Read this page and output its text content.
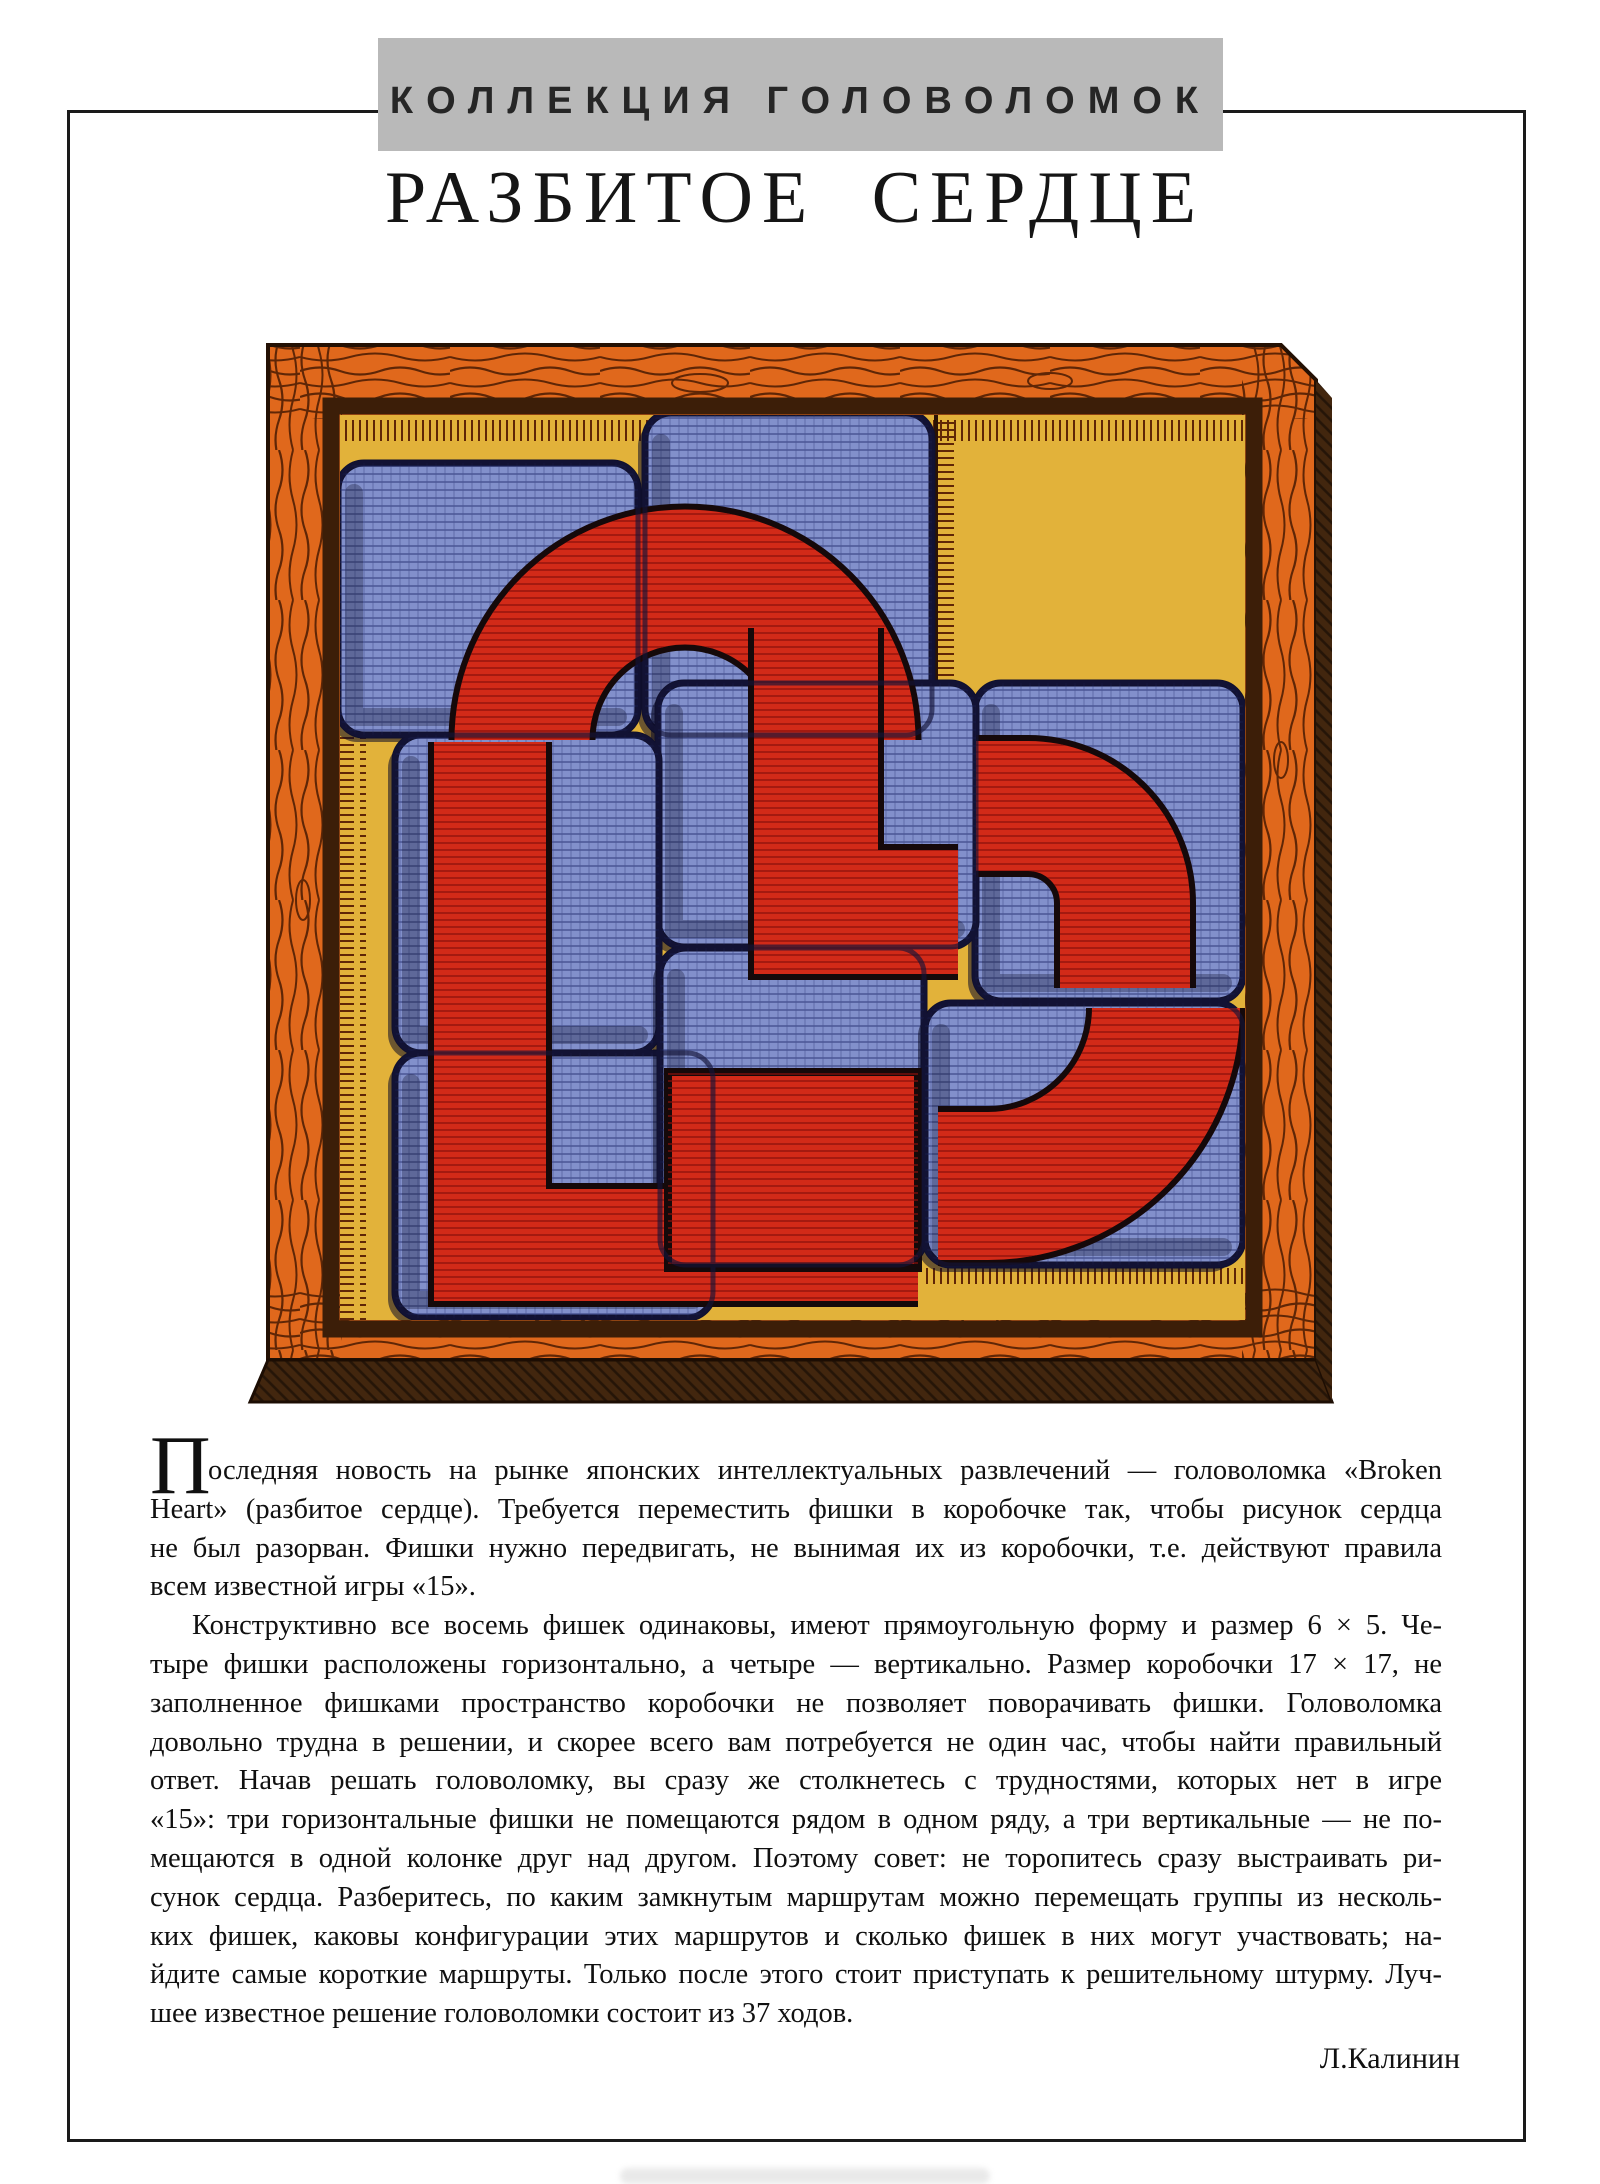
КОЛЛЕКЦИЯ ГОЛОВОЛОМОК
РАЗБИТОЕ СЕРДЦЕ
П
оследняя новость на рынке японских интеллектуальных развлечений — головоломка «Broken
Heart» (разбитое сердце). Требуется переместить фишки в коробочке так, чтобы рисунок сердца
не был разорван. Фишки нужно передвигать, не вынимая их из коробочки, т.е. действуют правила
всем известной игры «15».
Конструктивно все восемь фишек одинаковы, имеют прямоугольную форму и размер 6 × 5. Че-
тыре фишки расположены горизонтально, а четыре — вертикально. Размер коробочки 17 × 17, не
заполненное фишками пространство коробочки не позволяет поворачивать фишки. Головоломка
довольно трудна в решении, и скорее всего вам потребуется не один час, чтобы найти правильный
ответ. Начав решать головоломку, вы сразу же столкнетесь с трудностями, которых нет в игре
«15»: три горизонтальные фишки не помещаются рядом в одном ряду, а три вертикальные — не по-
мещаются в одной колонке друг над другом. Поэтому совет: не торопитесь сразу выстраивать ри-
сунок сердца. Разберитесь, по каким замкнутым маршрутам можно перемещать группы из несколь-
ких фишек, каковы конфигурации этих маршрутов и сколько фишек в них могут участвовать; на-
йдите самые короткие маршруты. Только после этого стоит приступать к решительному штурму. Луч-
шее известное решение головоломки состоит из 37 ходов.
Л.Калинин
